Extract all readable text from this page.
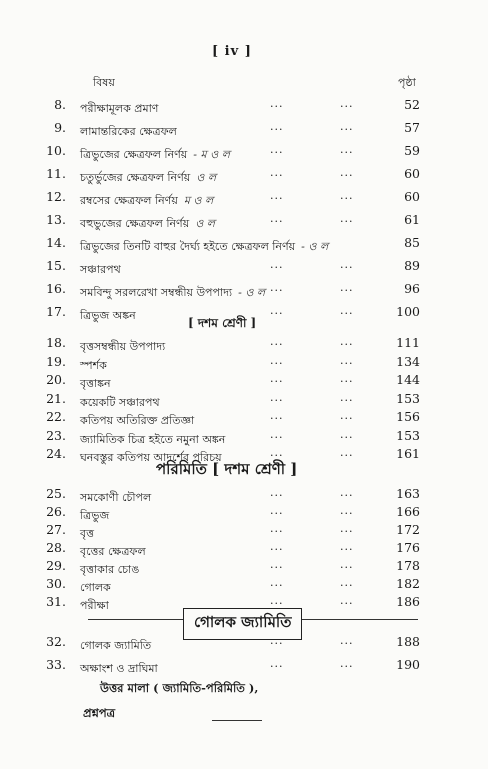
[ iv ]
বিষয়	পৃষ্ঠা
8. পরীক্ষামূলক প্রমাণ	...	...	52
9. লামান্তরিকের ক্ষেত্রফল	...	...	57
10. ত্রিভুজের ক্ষেত্রফল নির্ণয় - ম ও ল	...	...	59
11. চতুর্ভুজের ক্ষেত্রফল নির্ণয় ও ল	...	...	60
12. রম্বসের ক্ষেত্রফল নির্ণয় ম ও ল	...	...	60
13. বহুভুজের ক্ষেত্রফল নির্ণয় ও ল	...	...	61
14. ত্রিভুজের তিনটি বাহুর দৈর্ঘ্য হইতে ক্ষেত্রফল নির্ণয় - ও ল	85
15. সঞ্চারপথ	...	...	89
16. সমবিন্দু সরলরেখা সম্বন্ধীয় উপপাদ্য - ও ল ...	...	96
17. ত্রিভুজ অঙ্কন	...	...	100
[ দশম শ্রেণী ]
18. বৃত্তসম্বন্ধীয় উপপাদ্য	...	...	111
19. স্পর্শক	...	...	134
20. বৃত্তাঙ্কন	...	...	144
21. কয়েকটি সঞ্চারপথ	...	...	153
22. কতিপয় অতিরিক্ত প্রতিজ্ঞা	...	...	156
23. জ্যামিতিক চিত্র হইতে নমুনা অঙ্কন	...	...	153
24. ঘনবস্তুর কতিপয় আদর্শের পরিচয়	...	...	161
পরিমিতি [ দশম শ্রেণী ]
25. সমকোণী চৌপল	...	...	163
26. ত্রিভুজ	...	...	166
27. বৃত্ত	...	...	172
28. বৃত্তের ক্ষেত্রফল	...	...	176
29. বৃত্তাকার চোঙ	...	...	178
30. গোলক	...	...	182
31. পরীক্ষা	...	...	186
গোলক জ্যামিতি
32. গোলক জ্যামিতি	...	...	188
33. অক্ষাংশ ও দ্রাঘিমা	...	...	190
উত্তর মালা ( জ্যামিতি-পরিমিতি ),
প্রশ্নপত্র
